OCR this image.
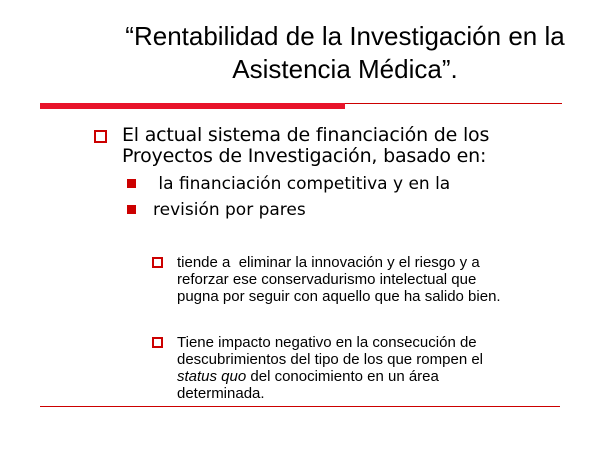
“Rentabilidad de la Investigación en la
Asistencia Médica”.
El actual sistema de financiación de los
Proyectos de Investigación, basado en:
la financiación competitiva y en la
revisión por pares
tiende a  eliminar la innovación y el riesgo y a
reforzar ese conservadurismo intelectual que
pugna por seguir con aquello que ha salido bien.
Tiene impacto negativo en la consecución de
descubrimientos del tipo de los que rompen el
status quo del conocimiento en un área
determinada.
